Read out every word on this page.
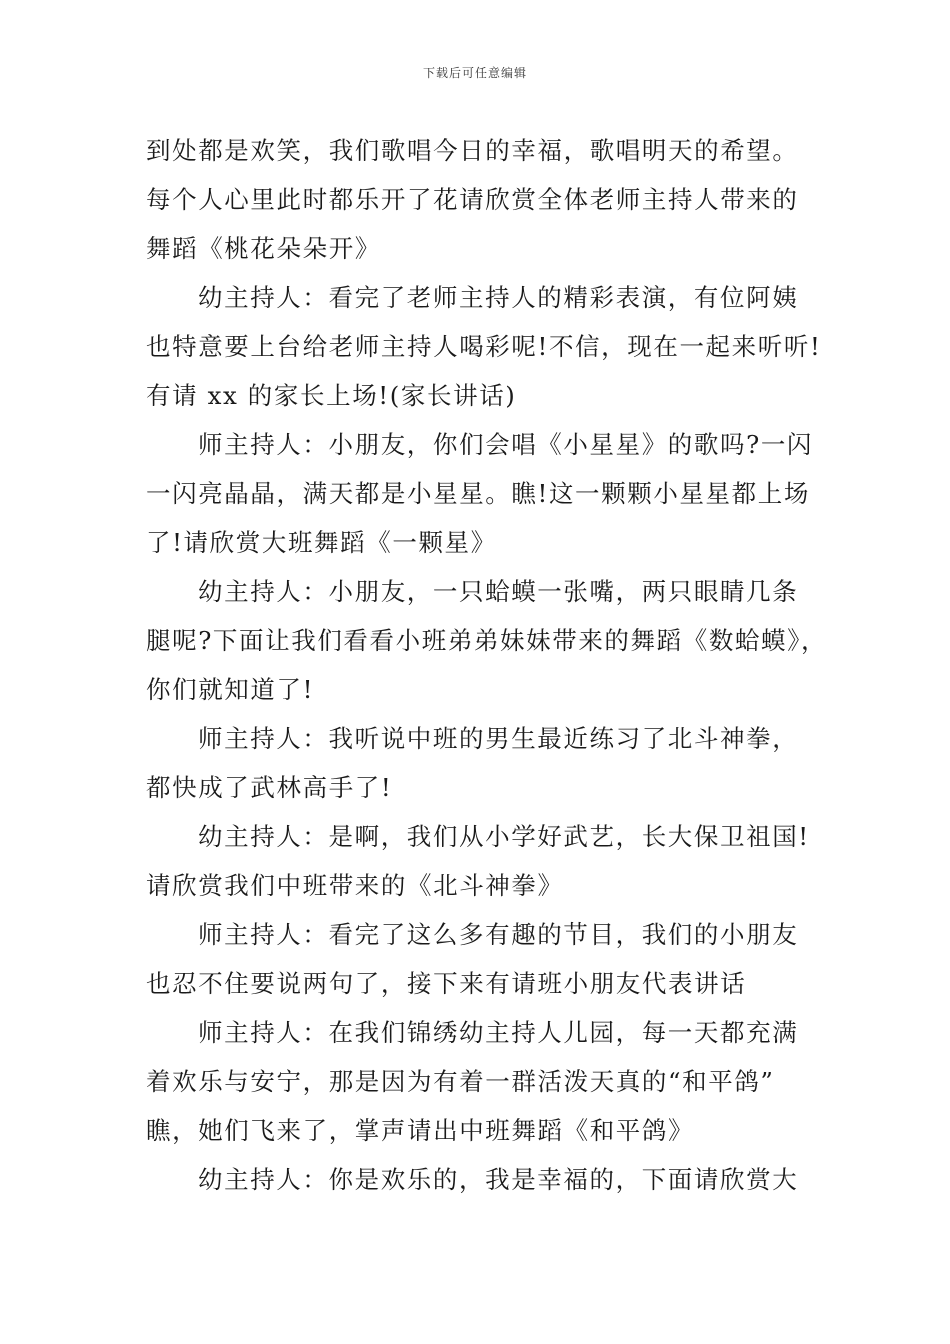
下载后可任意编辑
到处都是欢笑，我们歌唱今日的幸福，歌唱明天的希望。
每个人心里此时都乐开了花请欣赏全体老师主持人带来的
舞蹈《桃花朵朵开》
幼主持人：看完了老师主持人的精彩表演，有位阿姨
也特意要上台给老师主持人喝彩呢!不信，现在一起来听听!
有请 xx 的家长上场!(家长讲话)
师主持人：小朋友，你们会唱《小星星》的歌吗?一闪
一闪亮晶晶，满天都是小星星。瞧!这一颗颗小星星都上场
了!请欣赏大班舞蹈《一颗星》
幼主持人：小朋友，一只蛤蟆一张嘴，两只眼睛几条
腿呢?下面让我们看看小班弟弟妹妹带来的舞蹈《数蛤蟆》，
你们就知道了!
师主持人：我听说中班的男生最近练习了北斗神拳，
都快成了武林高手了!
幼主持人：是啊，我们从小学好武艺，长大保卫祖国!
请欣赏我们中班带来的《北斗神拳》
师主持人：看完了这么多有趣的节目，我们的小朋友
也忍不住要说两句了，接下来有请班小朋友代表讲话
师主持人：在我们锦绣幼主持人儿园，每一天都充满
着欢乐与安宁，那是因为有着一群活泼天真的“和平鸽”
瞧，她们飞来了，掌声请出中班舞蹈《和平鸽》
幼主持人：你是欢乐的，我是幸福的，下面请欣赏大
